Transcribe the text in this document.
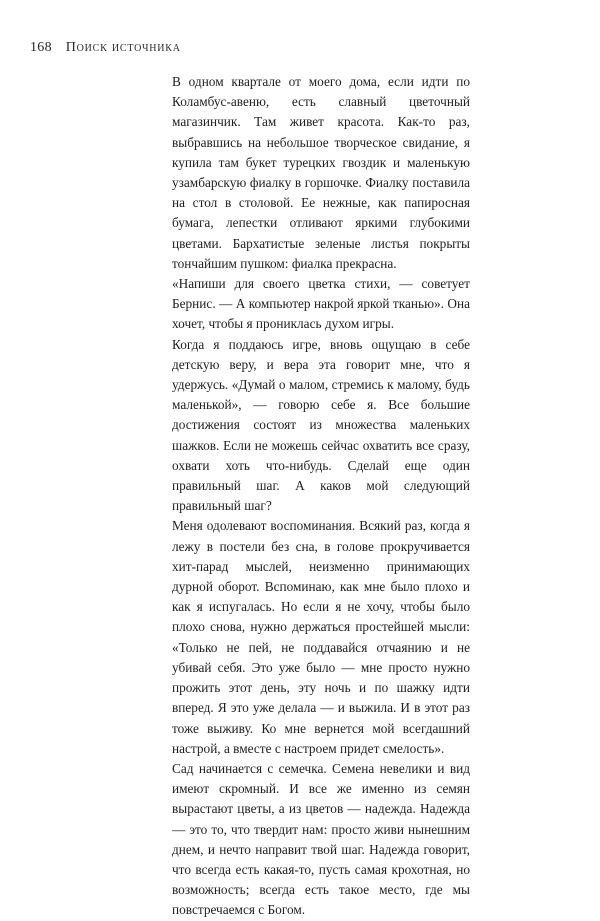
168 Поиск источника

В одном квартале от моего дома, если идти по Коламбус-авеню, есть славный цветочный магазинчик. Там живет красота. Как-то раз, выбравшись на небольшое творческое свидание, я купила там букет турецких гвоздик и маленькую узамбарскую фиалку в горшочке. Фиалку поставила на стол в столовой. Ее нежные, как папиросная бумага, лепестки отливают яркими глубокими цветами. Бархатистые зеленые листья покрыты тончайшим пушком: фиалка прекрасна.

«Напиши для своего цветка стихи, — советует Бернис. — А компьютер накрой яркой тканью». Она хочет, чтобы я прониклась духом игры.

Когда я поддаюсь игре, вновь ощущаю в себе детскую веру, и вера эта говорит мне, что я удержусь. «Думай о малом, стремись к малому, будь маленькой», — говорю себе я. Все большие достижения состоят из множества маленьких шажков. Если не можешь сейчас охватить все сразу, охвати хоть что-нибудь. Сделай еще один правильный шаг. А каков мой следующий правильный шаг?

Меня одолевают воспоминания. Всякий раз, когда я лежу в постели без сна, в голове прокручивается хит-парад мыслей, неизменно принимающих дурной оборот. Вспоминаю, как мне было плохо и как я испугалась. Но если я не хочу, чтобы было плохо снова, нужно держаться простейшей мысли: «Только не пей, не поддавайся отчаянию и не убивай себя. Это уже было — мне просто нужно прожить этот день, эту ночь и по шажку идти вперед. Я это уже делала — и выжила. И в этот раз тоже выживу. Ко мне вернется мой всегдашний настрой, а вместе с настроем придет смелость».

Сад начинается с семечка. Семена невелики и вид имеют скромный. И все же именно из семян вырастают цветы, а из цветов — надежда. Надежда — это то, что твердит нам: просто живи нынешним днем, и нечто направит твой шаг. Надежда говорит, что всегда есть какая-то, пусть самая крохотная, но возможность; всегда есть такое место, где мы повстречаемся с Богом.
